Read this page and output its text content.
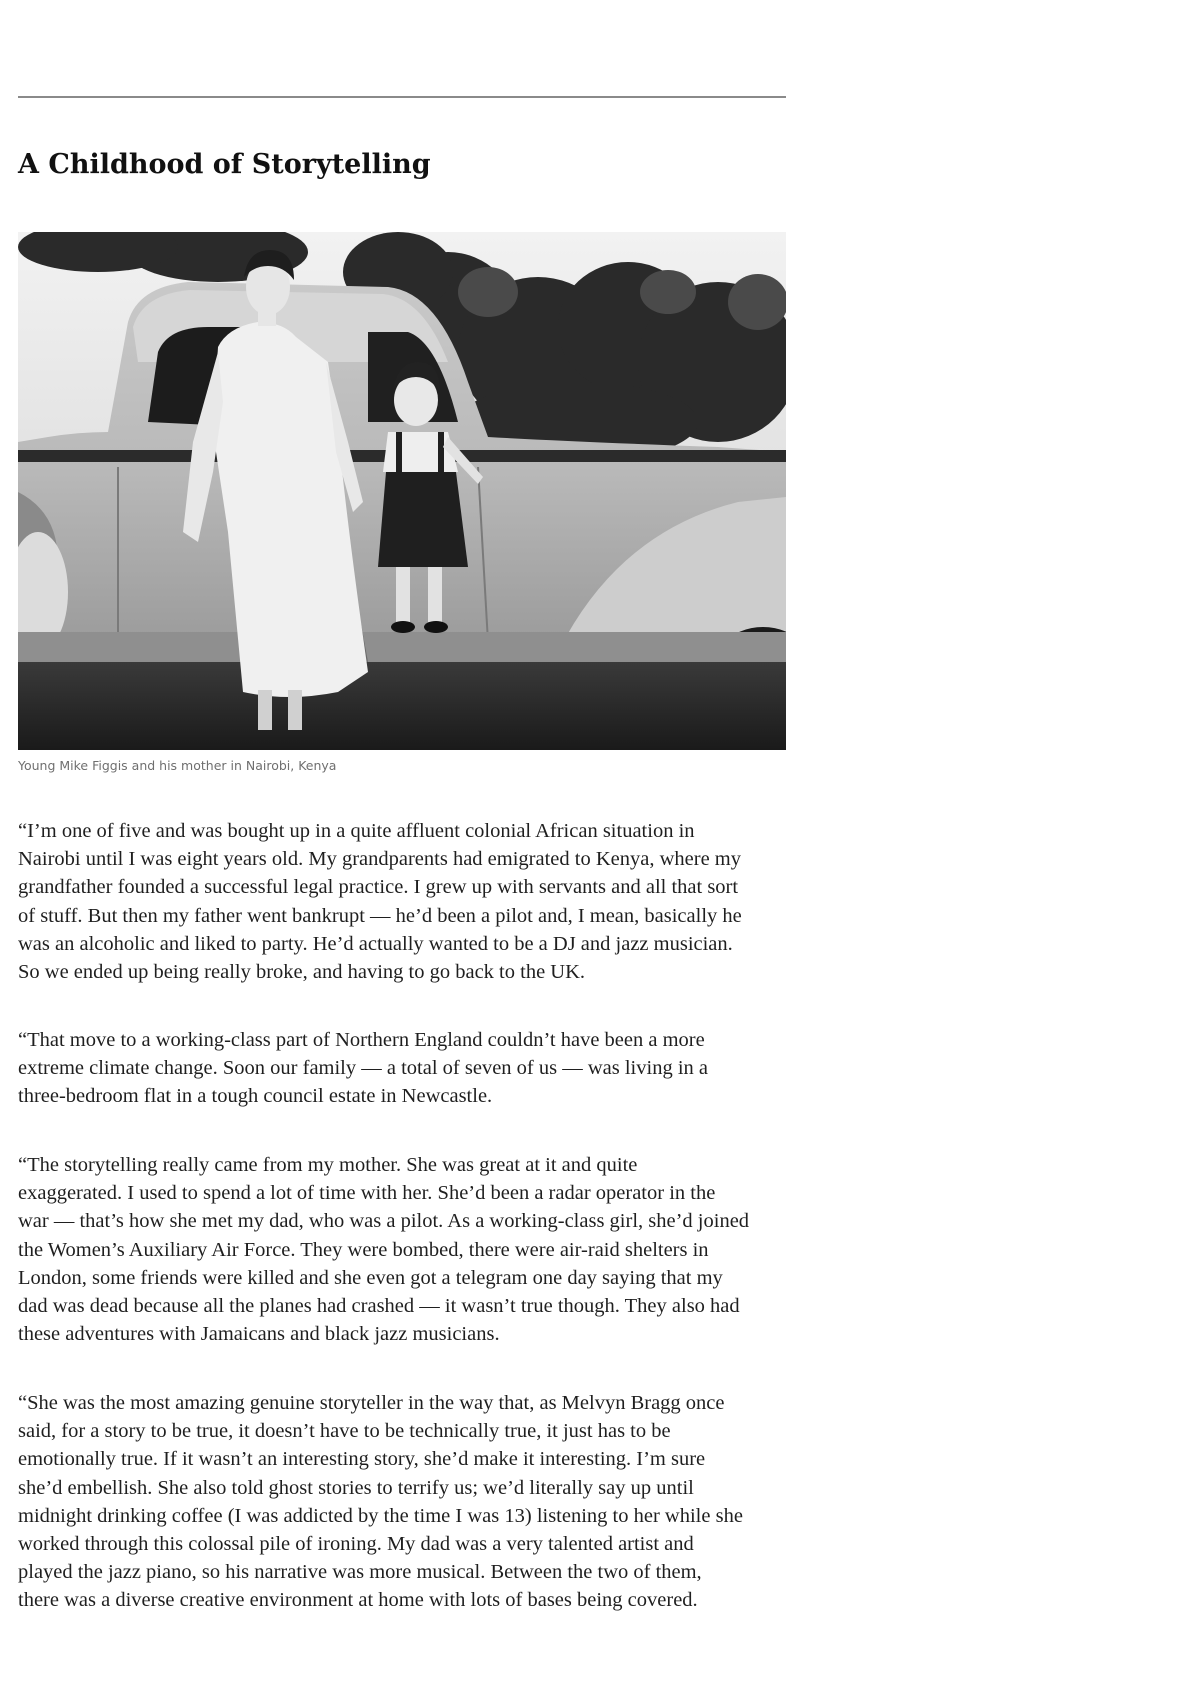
A Childhood of Storytelling
Young Mike Figgis and his mother in Nairobi, Kenya

“I’m one of five and was bought up in a quite affluent colonial African situation in
Nairobi until I was eight years old. My grandparents had emigrated to Kenya, where my
grandfather founded a successful legal practice. I grew up with servants and all that sort
of stuff. But then my father went bankrupt — he’d been a pilot and, I mean, basically he
was an alcoholic and liked to party. He’d actually wanted to be a DJ and jazz musician.
So we ended up being really broke, and having to go back to the UK.

“That move to a working-class part of Northern England couldn’t have been a more
extreme climate change. Soon our family — a total of seven of us — was living in a
three-bedroom flat in a tough council estate in Newcastle.

“The storytelling really came from my mother. She was great at it and quite
exaggerated. I used to spend a lot of time with her. She’d been a radar operator in the
war — that’s how she met my dad, who was a pilot. As a working-class girl, she’d joined
the Women’s Auxiliary Air Force. They were bombed, there were air-raid shelters in
London, some friends were killed and she even got a telegram one day saying that my
dad was dead because all the planes had crashed — it wasn’t true though. They also had
these adventures with Jamaicans and black jazz musicians.

“She was the most amazing genuine storyteller in the way that, as Melvyn Bragg once
said, for a story to be true, it doesn’t have to be technically true, it just has to be
emotionally true. If it wasn’t an interesting story, she’d make it interesting. I’m sure
she’d embellish. She also told ghost stories to terrify us; we’d literally say up until
midnight drinking coffee (I was addicted by the time I was 13) listening to her while she
worked through this colossal pile of ironing. My dad was a very talented artist and
played the jazz piano, so his narrative was more musical. Between the two of them,
there was a diverse creative environment at home with lots of bases being covered.
